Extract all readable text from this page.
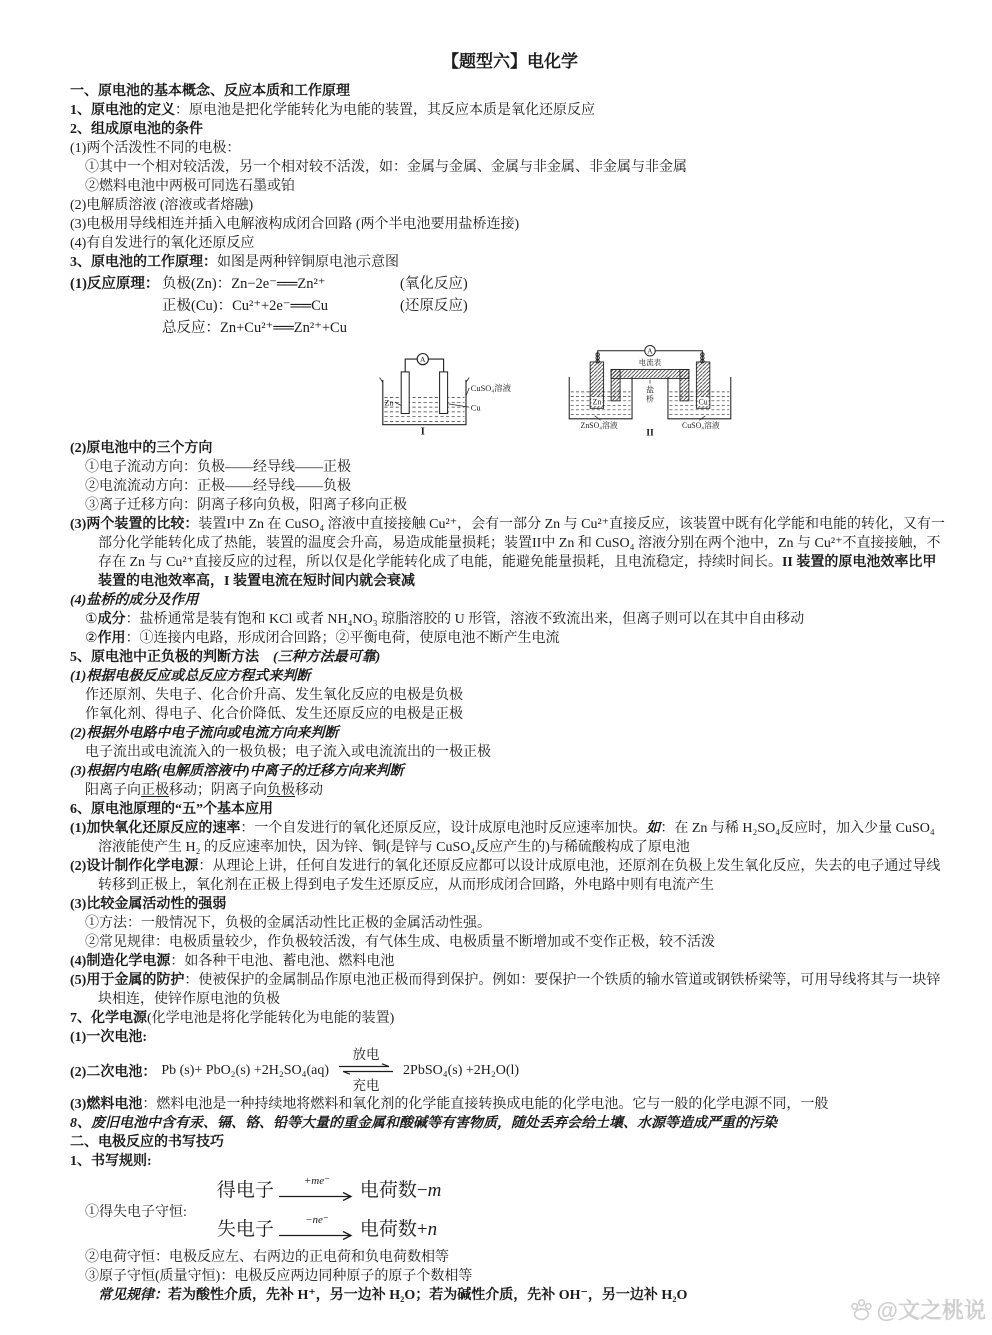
【题型六】电化学
一、原电池的基本概念、反应本质和工作原理
1、原电池的定义：原电池是把化学能转化为电能的装置，其反应本质是氧化还原反应
2、组成原电池的条件
(1)两个活泼性不同的电极：
①其中一个相对较活泼，另一个相对较不活泼，如：金属与金属、金属与非金属、非金属与非金属
②燃料电池中两极可同选石墨或铂
(2)电解质溶液 (溶液或者熔融)
(3)电极用导线相连并插入电解液构成闭合回路 (两个半电池要用盐桥连接)
(4)有自发进行的氧化还原反应
3、原电池的工作原理：如图是两种锌铜原电池示意图
(1)反应原理： 负极(Zn)：Zn−2e⁻══Zn²⁺	(氧化反应)
正极(Cu)：Cu²⁺+2e⁻══Cu	(还原反应)
总反应：Zn+Cu²⁺══Zn²⁺+Cu
A
Zn
Cu
CuSO₄溶液
I
A
电流表
Zn	Cu
盐
桥
ZnSO₄溶液	CuSO₄溶液
II
(2)原电池中的三个方向
①电子流动方向：负极——经导线——正极
②电流流动方向：正极——经导线——负极
③离子迁移方向：阴离子移向负极，阳离子移向正极
(3)两个装置的比较：装置I中 Zn 在 CuSO₄ 溶液中直接接触 Cu²⁺，会有一部分 Zn 与 Cu²⁺直接反应，该装置中既有化学能和电能的转化，又有一部分化学能转化成了热能，装置的温度会升高，易造成能量损耗；装置II中 Zn 和 CuSO₄ 溶液分别在两个池中，Zn 与 Cu²⁺不直接接触，不存在 Zn 与 Cu²⁺直接反应的过程，所以仅是化学能转化成了电能，能避免能量损耗，且电流稳定，持续时间长。II 装置的原电池效率比甲装置的电池效率高，I 装置电流在短时间内就会衰减
(4)盐桥的成分及作用
①成分：盐桥通常是装有饱和 KCl 或者 NH₄NO₃ 琼脂溶胶的 U 形管，溶液不致流出来，但离子则可以在其中自由移动
②作用：①连接内电路，形成闭合回路；②平衡电荷，使原电池不断产生电流
5、原电池中正负极的判断方法　(三种方法最可靠)
(1)根据电极反应或总反应方程式来判断
作还原剂、失电子、化合价升高、发生氧化反应的电极是负极
作氧化剂、得电子、化合价降低、发生还原反应的电极是正极
(2)根据外电路中电子流向或电流方向来判断
电子流出或电流流入的一极负极；电子流入或电流流出的一极正极
(3)根据内电路(电解质溶液中)中离子的迁移方向来判断
阳离子向正极移动；阴离子向负极移动
6、原电池原理的“五”个基本应用
(1)加快氧化还原反应的速率：一个自发进行的氧化还原反应，设计成原电池时反应速率加快。如：在 Zn 与稀 H₂SO₄反应时，加入少量 CuSO₄ 溶液能使产生 H₂ 的反应速率加快，因为锌、铜(是锌与 CuSO₄反应产生的)与稀硫酸构成了原电池
(2)设计制作化学电源：从理论上讲，任何自发进行的氧化还原反应都可以设计成原电池，还原剂在负极上发生氧化反应，失去的电子通过导线转移到正极上，氧化剂在正极上得到电子发生还原反应，从而形成闭合回路，外电路中则有电流产生
(3)比较金属活动性的强弱
①方法：一般情况下，负极的金属活动性比正极的金属活动性强。
②常见规律：电极质量较少，作负极较活泼，有气体生成、电极质量不断增加或不变作正极，较不活泼
(4)制造化学电源：如各种干电池、蓄电池、燃料电池
(5)用于金属的防护：使被保护的金属制品作原电池正极而得到保护。例如：要保护一个铁质的输水管道或钢铁桥梁等，可用导线将其与一块锌块相连，使锌作原电池的负极
7、化学电源(化学电池是将化学能转化为电能的装置)
(1)一次电池:
(2)二次电池： Pb (s)+ PbO₂(s) +2H₂SO₄(aq)
放电
充电
2PbSO₄(s) +2H₂O(l)
(3)燃料电池：燃料电池是一种持续地将燃料和氧化剂的化学能直接转换成电能的化学电池。它与一般的化学电源不同，一般
8、废旧电池中含有汞、镉、铬、铅等大量的重金属和酸碱等有害物质，随处丢弃会给土壤、水源等造成严重的污染
二、电极反应的书写技巧
1、书写规则:
①得失电子守恒:
得电子	+me⁻ 电荷数−m
失电子	−ne⁻ 电荷数+n
②电荷守恒：电极反应左、右两边的正电荷和负电荷数相等
③原子守恒(质量守恒)：电极反应两边同种原子的原子个数相等
常见规律：若为酸性介质，先补 H⁺，另一边补 H₂O；若为碱性介质，先补 OH⁻，另一边补 H₂O
@文之桃说
